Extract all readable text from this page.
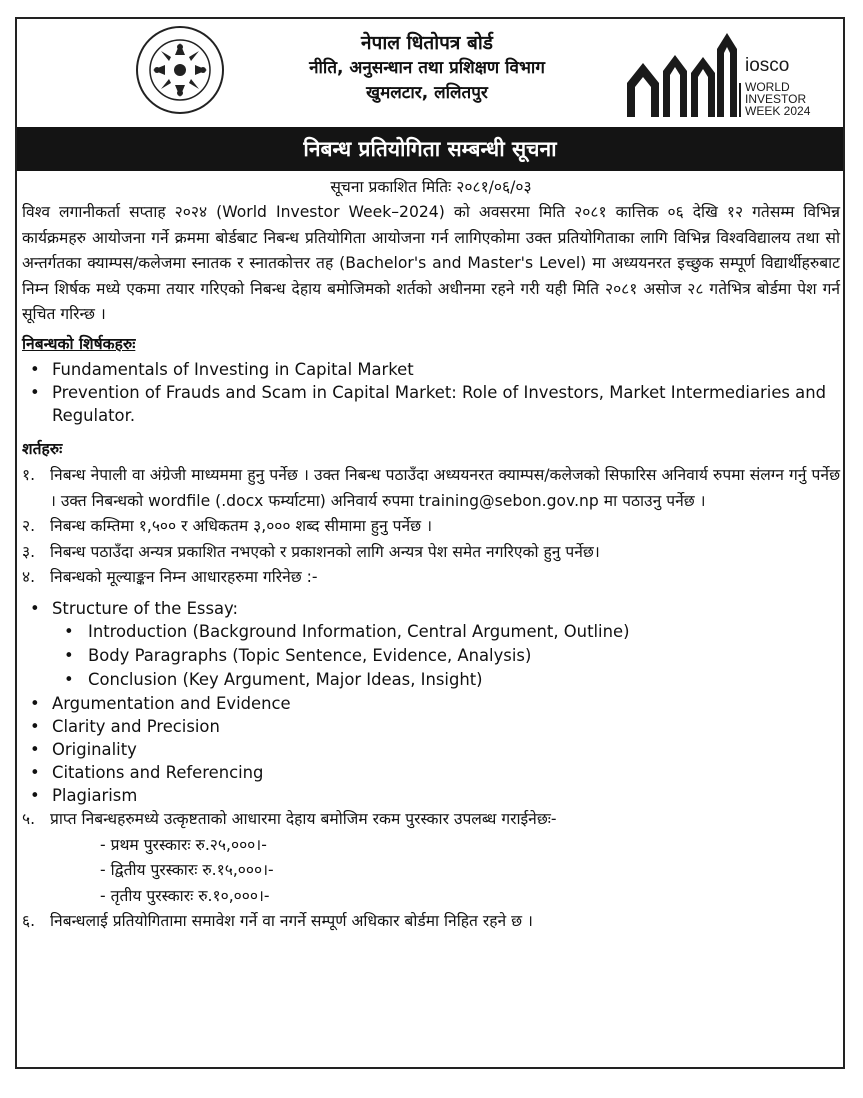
नेपाल धितोपत्र बोर्ड
नीति, अनुसन्धान तथा प्रशिक्षण विभाग
खुमलटार, ललितपुर
iosco
WORLD
INVESTOR
WEEK 2024
निबन्ध प्रतियोगिता सम्बन्धी सूचना
सूचना प्रकाशित मितिः २०८१/०६/०३
विश्व लगानीकर्ता सप्ताह २०२४ (World Investor Week–2024) को अवसरमा मिति २०८१ कात्तिक ०६ देखि १२ गतेसम्म विभिन्न कार्यक्रमहरु आयोजना गर्ने क्रममा बोर्डबाट निबन्ध प्रतियोगिता आयोजना गर्न लागिएकोमा उक्त प्रतियोगिताका लागि विभिन्न विश्वविद्यालय तथा सो अन्तर्गतका क्याम्पस/कलेजमा स्नातक र स्नातकोत्तर तह (Bachelor's and Master's Level) मा अध्ययनरत इच्छुक सम्पूर्ण विद्यार्थीहरुबाट निम्न शिर्षक मध्ये एकमा तयार गरिएको निबन्ध देहाय बमोजिमको शर्तको अधीनमा रहने गरी यही मिति २०८१ असोज २८ गतेभित्र बोर्डमा पेश गर्न सूचित गरिन्छ ।
निबन्धको शिर्षकहरुः
• Fundamentals of Investing in Capital Market
• Prevention of Frauds and Scam in Capital Market: Role of Investors, Market Intermediaries and Regulator.
शर्तहरुः
१. निबन्ध नेपाली वा अंग्रेजी माध्यममा हुनु पर्नेछ । उक्त निबन्ध पठाउँदा अध्ययनरत क्याम्पस/कलेजको सिफारिस अनिवार्य रुपमा संलग्न गर्नु पर्नेछ । उक्त निबन्धको wordfile (.docx फर्म्याटमा) अनिवार्य रुपमा training@sebon.gov.np मा पठाउनु पर्नेछ ।
२. निबन्ध कम्तिमा १,५०० र अधिकतम ३,००० शब्द सीमामा हुनु पर्नेछ ।
३. निबन्ध पठाउँदा अन्यत्र प्रकाशित नभएको र प्रकाशनको लागि अन्यत्र पेश समेत नगरिएको हुनु पर्नेछ।
४. निबन्धको मूल्याङ्कन निम्न आधारहरुमा गरिनेछ :-
• Structure of the Essay:
• Introduction (Background Information, Central Argument, Outline)
• Body Paragraphs (Topic Sentence, Evidence, Analysis)
• Conclusion (Key Argument, Major Ideas, Insight)
• Argumentation and Evidence
• Clarity and Precision
• Originality
• Citations and Referencing
• Plagiarism
५. प्राप्त निबन्धहरुमध्ये उत्कृष्टताको आधारमा देहाय बमोजिम रकम पुरस्कार उपलब्ध गराईनेछः-
- प्रथम पुरस्कारः रु.२५,०००।-
- द्वितीय पुरस्कारः रु.१५,०००।-
- तृतीय पुरस्कारः रु.१०,०००।-
६. निबन्धलाई प्रतियोगितामा समावेश गर्ने वा नगर्ने सम्पूर्ण अधिकार बोर्डमा निहित रहने छ ।
